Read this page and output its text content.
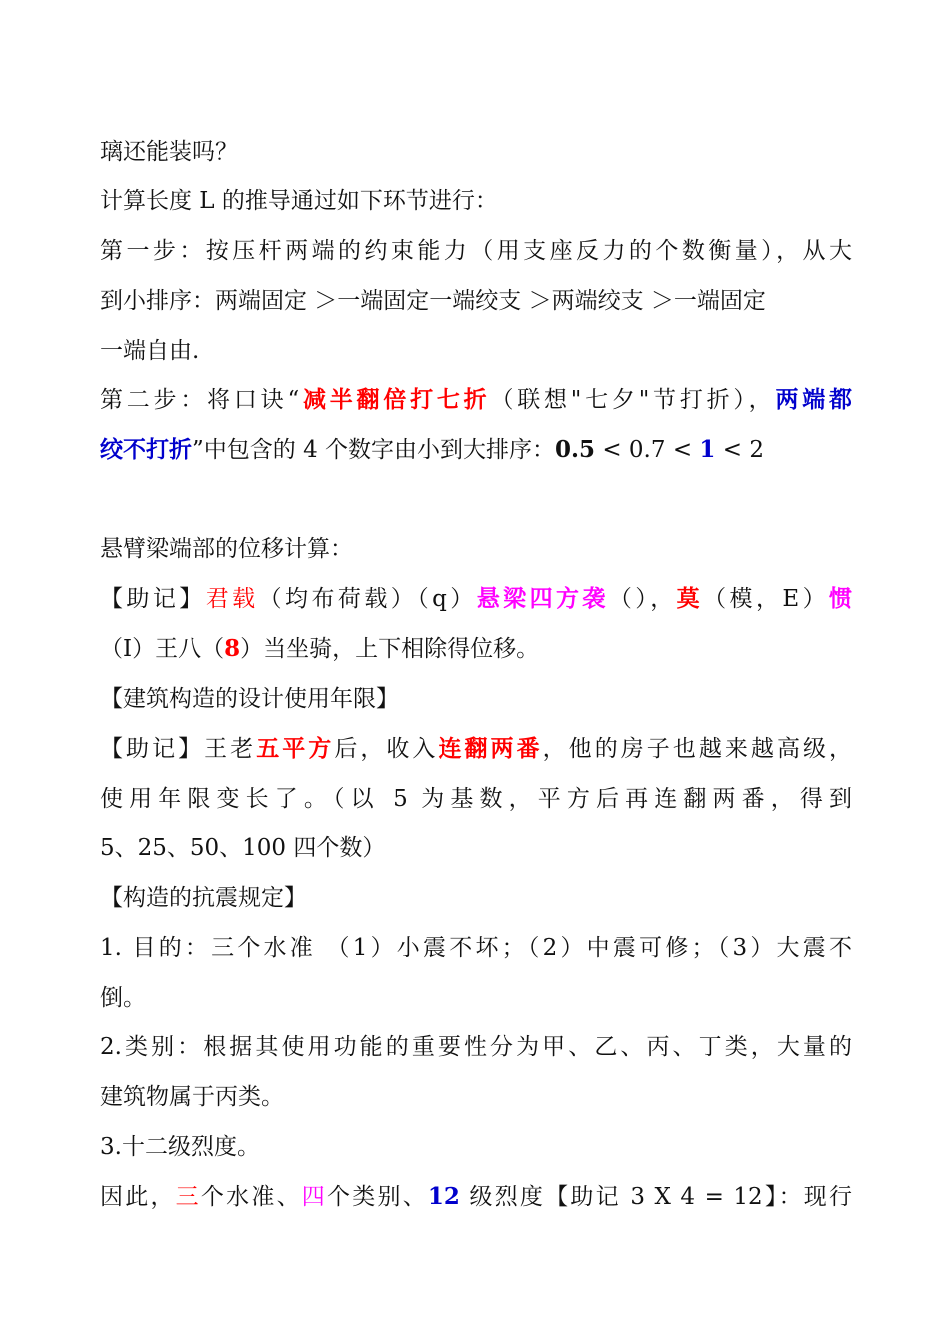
璃还能装吗？
计算长度 L 的推导通过如下环节进行：
第一步：按压杆两端的约束能力（用支座反力的个数衡量），从大
到小排序：两端固定 ＞一端固定一端绞支 ＞两端绞支 ＞一端固定
一端自由.
第二步：将口诀“减半翻倍打七折（联想"七夕"节打折），两端都
绞不打折”中包含的 4 个数字由小到大排序：0.5 < 0.7 < 1 < 2
悬臂梁端部的位移计算：
【助记】君载（均布荷载）（q）悬梁四方袭（），莫（模，E）惯
（I）王八（8）当坐骑，上下相除得位移。
【建筑构造的设计使用年限】
【助记】王老五平方后，收入连翻两番，他的房子也越来越高级，
使用年限变长了。（以 5 为基数，平方后再连翻两番，得到
5、25、50、100 四个数）
【构造的抗震规定】
1. 目的：三个水准 （1）小震不坏；（2）中震可修；（3）大震不
倒。
2.类别：根据其使用功能的重要性分为甲、乙、丙、丁类，大量的
建筑物属于丙类。
3.十二级烈度。
因此，三个水准、四个类别、12 级烈度【助记 3 X 4 = 12】：现行
